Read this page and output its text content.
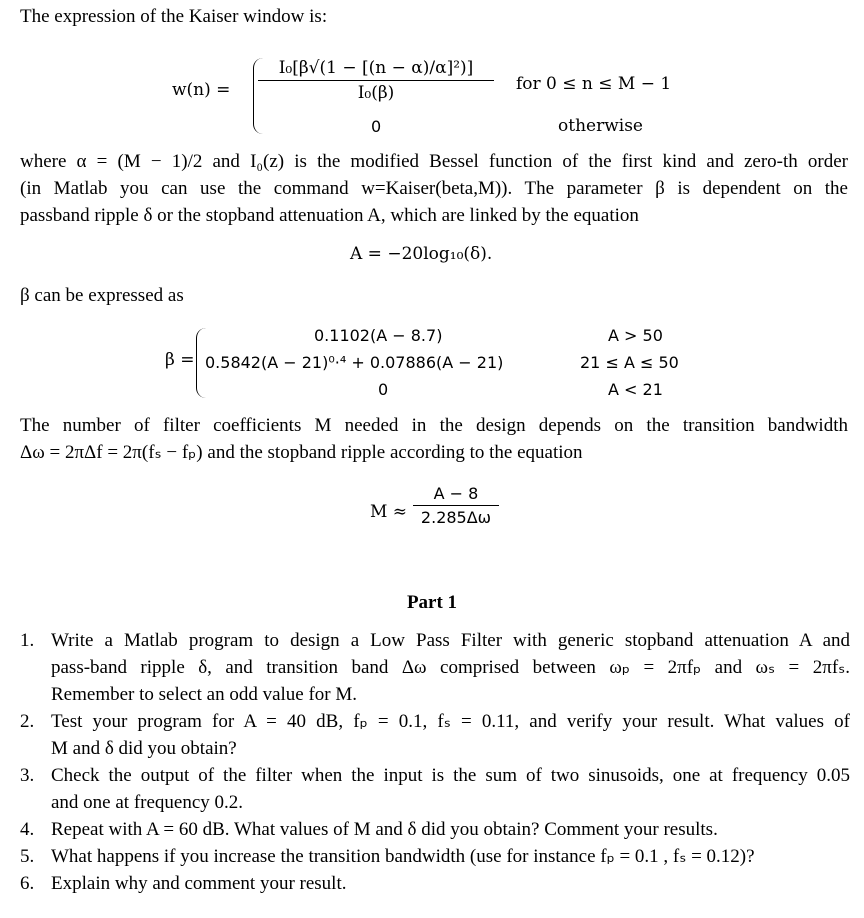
The expression of the Kaiser window is:
w(n) =
I₀[β√(1 − [(n − α)/α]²)]
I₀(β)
0
for 0 ≤ n ≤ M − 1
otherwise
where α = (M − 1)/2 and I₀(z) is the modified Bessel function of the first kind and zero-th order
(in Matlab you can use the command w=Kaiser(beta,M)). The parameter β is dependent on the
passband ripple δ or the stopband attenuation A, which are linked by the equation
A = −20log₁₀(δ).
β can be expressed as
β =
0.1102(A − 8.7)	A > 50
0.5842(A − 21)⁰·⁴ + 0.07886(A − 21)	21 ≤ A ≤ 50
0	A < 21
The number of filter coefficients M needed in the design depends on the transition bandwidth
Δω = 2πΔf = 2π(fₛ − fₚ) and the stopband ripple according to the equation
M ≈
A − 8
2.285Δω
Part 1
1. Write a Matlab program to design a Low Pass Filter with generic stopband attenuation A and
pass-band ripple δ, and transition band Δω comprised between ωₚ = 2πfₚ and ωₛ = 2πfₛ.
Remember to select an odd value for M.
2. Test your program for A = 40 dB, fₚ = 0.1, fₛ = 0.11, and verify your result. What values of
M and δ did you obtain?
3. Check the output of the filter when the input is the sum of two sinusoids, one at frequency 0.05
and one at frequency 0.2.
4. Repeat with A = 60 dB. What values of M and δ did you obtain? Comment your results.
5. What happens if you increase the transition bandwidth (use for instance fₚ = 0.1 , fₛ = 0.12)?
6. Explain why and comment your result.
